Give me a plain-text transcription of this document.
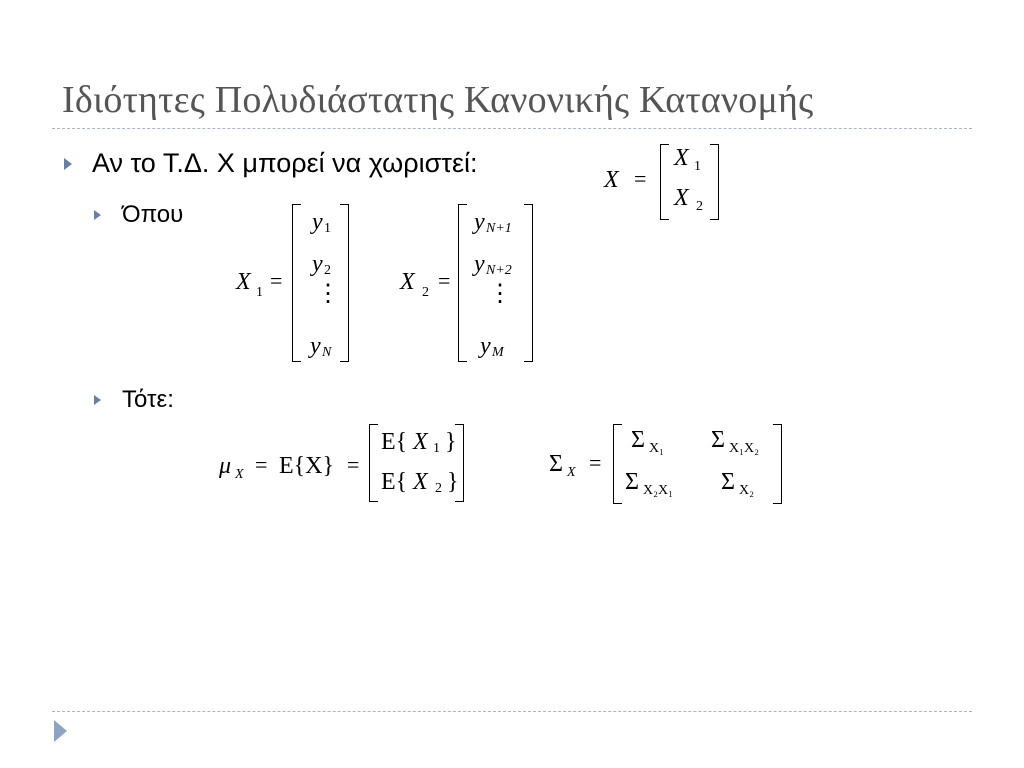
Ιδιότητες Πολυδιάστατης Κανονικής Κατανομής
Αν το Τ.Δ. Χ μπορεί να χωριστεί:
X =
X 1
X 2
Όπου
X 1 =
y 1
y 2
⋮
y N
X 2 =
y N+1
y N+2
⋮
y M
Τότε:
μ X = E{X} =
E{ X 1 }
E{ X 2 }
Σ X =
Σ X₁ Σ X₁X₂
Σ X₂X₁ Σ X₂
